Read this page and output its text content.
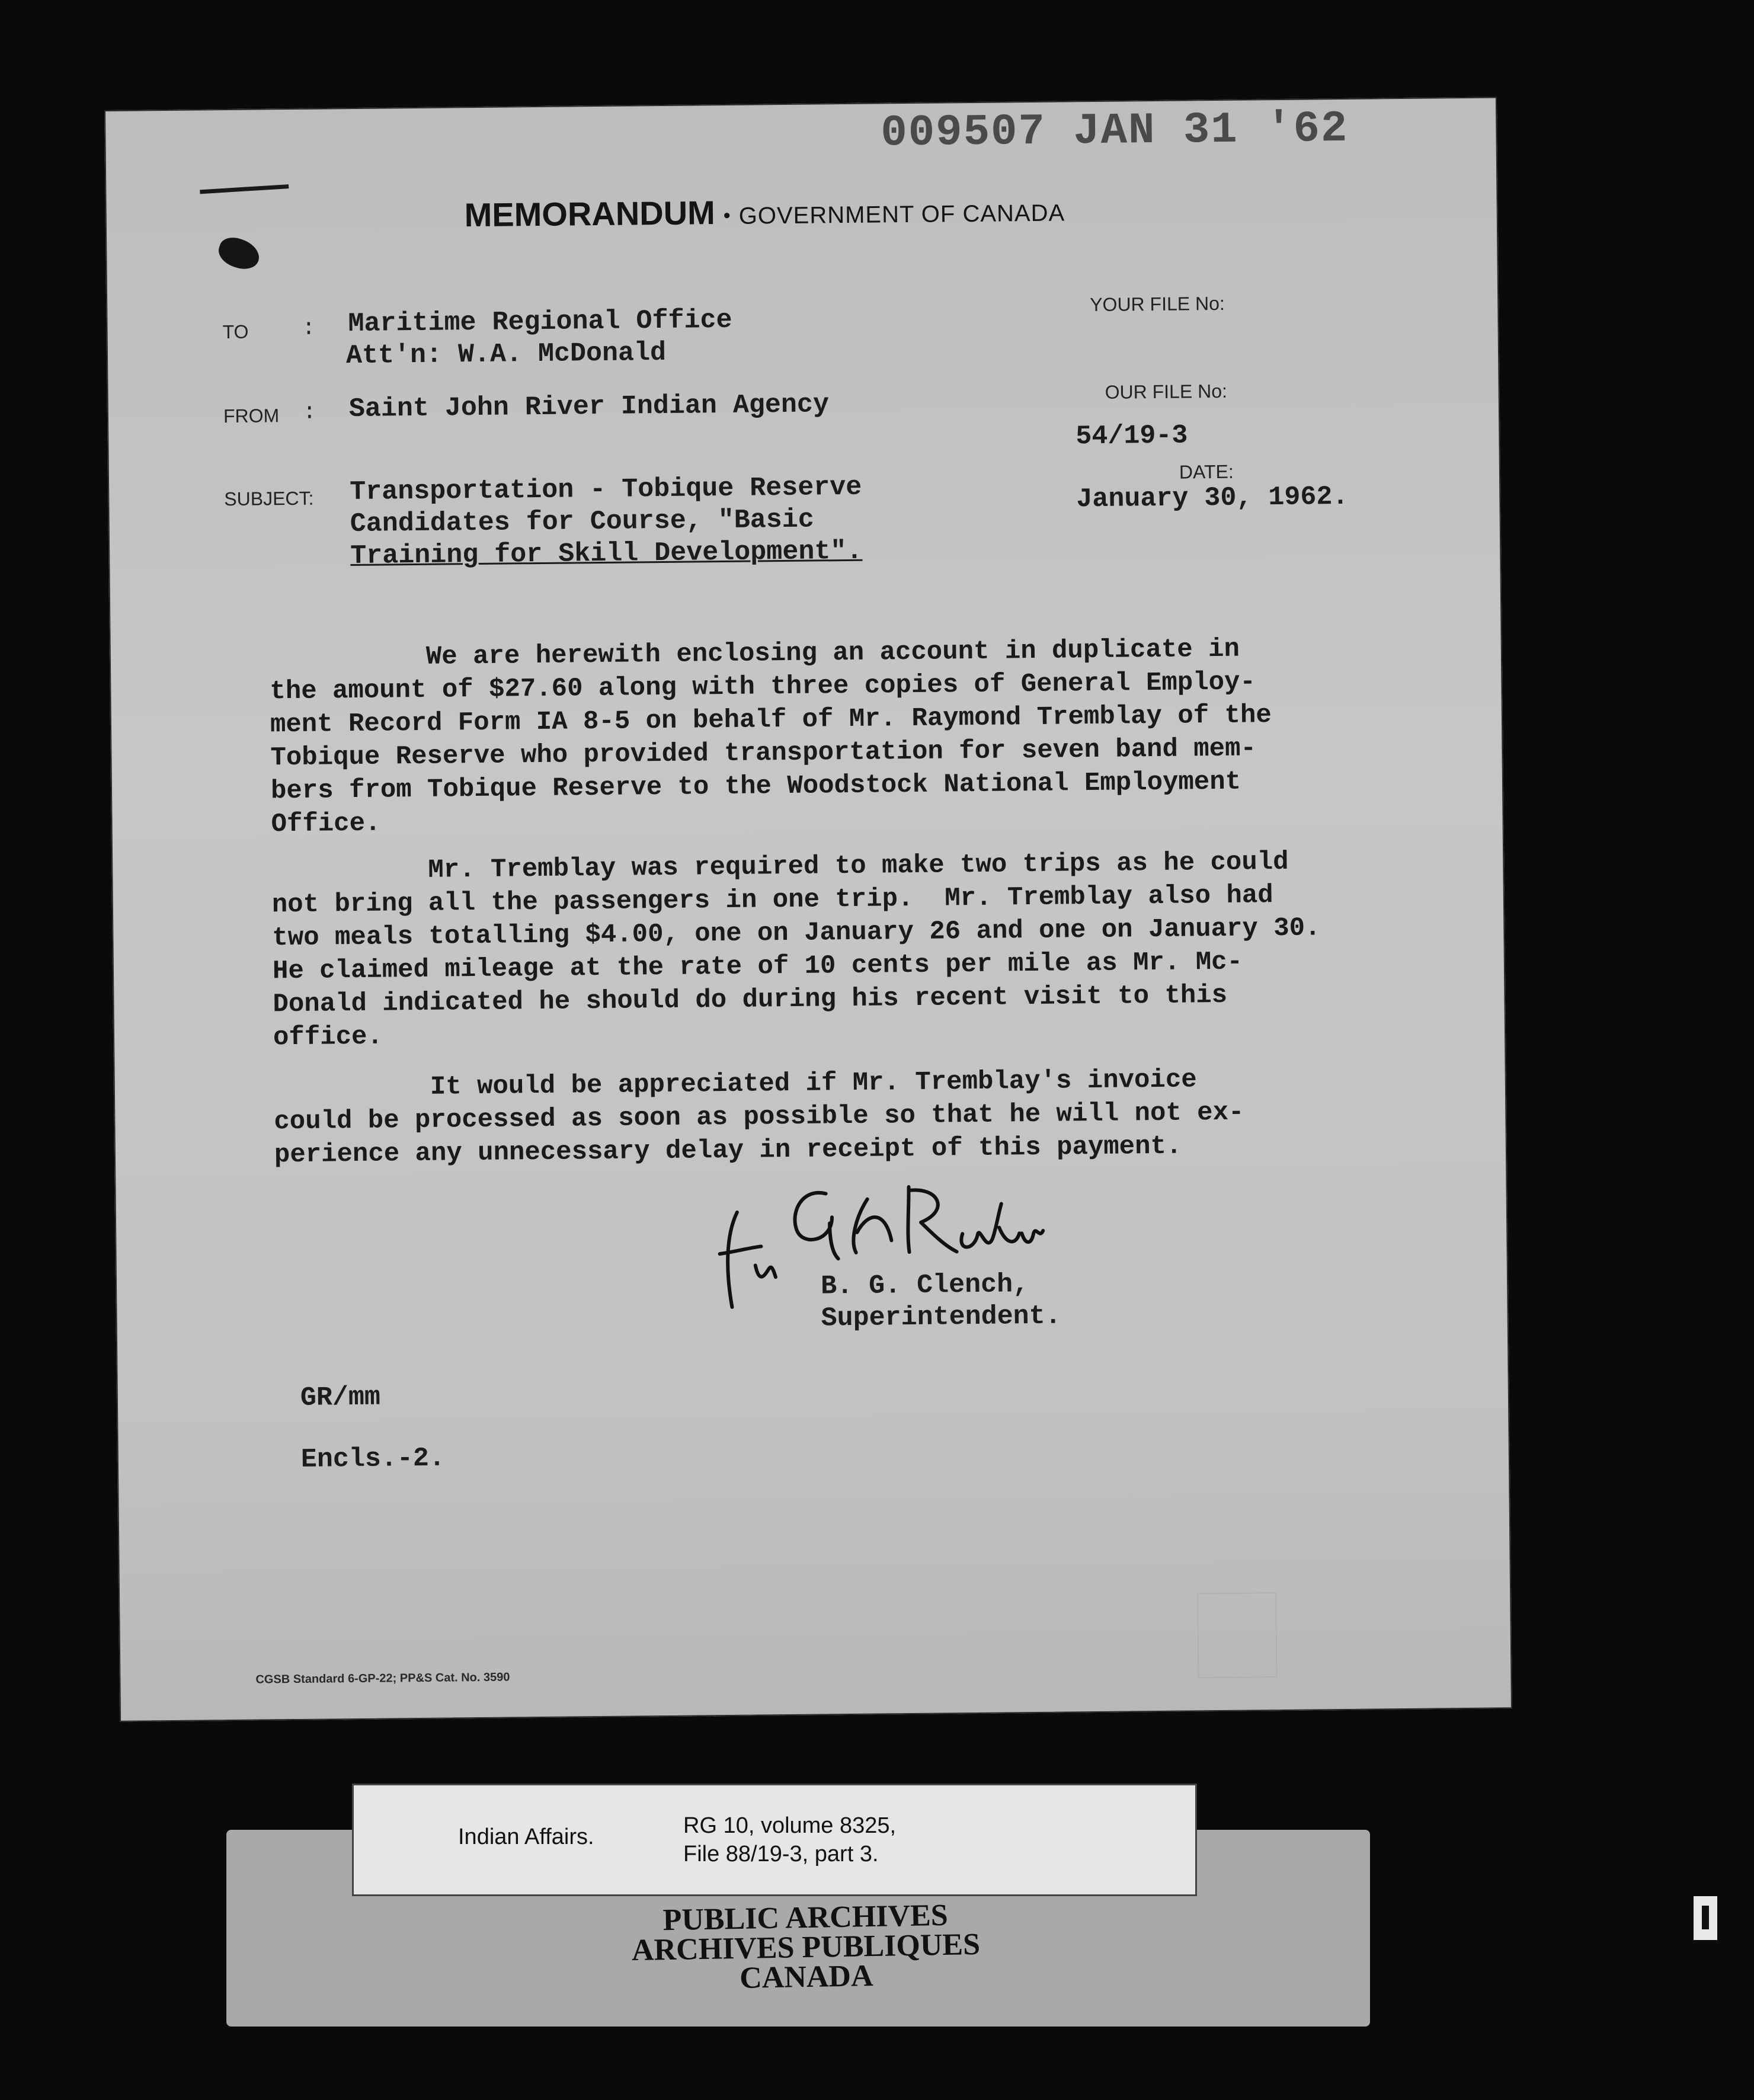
009507 JAN 31 '62
MEMORANDUM • GOVERNMENT OF CANADA
TO : Maritime Regional Office
Att'n: W.A. McDonald
YOUR FILE No:
FROM : Saint John River Indian Agency	OUR FILE No:
54/19-3
SUBJECT: Transportation - Tobique Reserve
Candidates for Course, "Basic
Training for Skill Development".
DATE:
January 30, 1962.
We are herewith enclosing an account in duplicate in
the amount of $27.60 along with three copies of General Employ-
ment Record Form IA 8-5 on behalf of Mr. Raymond Tremblay of the
Tobique Reserve who provided transportation for seven band mem-
bers from Tobique Reserve to the Woodstock National Employment
Office.
Mr. Tremblay was required to make two trips as he could
not bring all the passengers in one trip.  Mr. Tremblay also had
two meals totalling $4.00, one on January 26 and one on January 30.
He claimed mileage at the rate of 10 cents per mile as Mr. Mc-
Donald indicated he should do during his recent visit to this
office.
It would be appreciated if Mr. Tremblay's invoice
could be processed as soon as possible so that he will not ex-
perience any unnecessary delay in receipt of this payment.
B. G. Clench,
Superintendent.
GR/mm
Encls.-2.
CGSB Standard 6-GP-22; PP&S Cat. No. 3590
Indian Affairs.	RG 10, volume 8325,
File 88/19-3, part 3.
PUBLIC ARCHIVES
ARCHIVES PUBLIQUES
CANADA
